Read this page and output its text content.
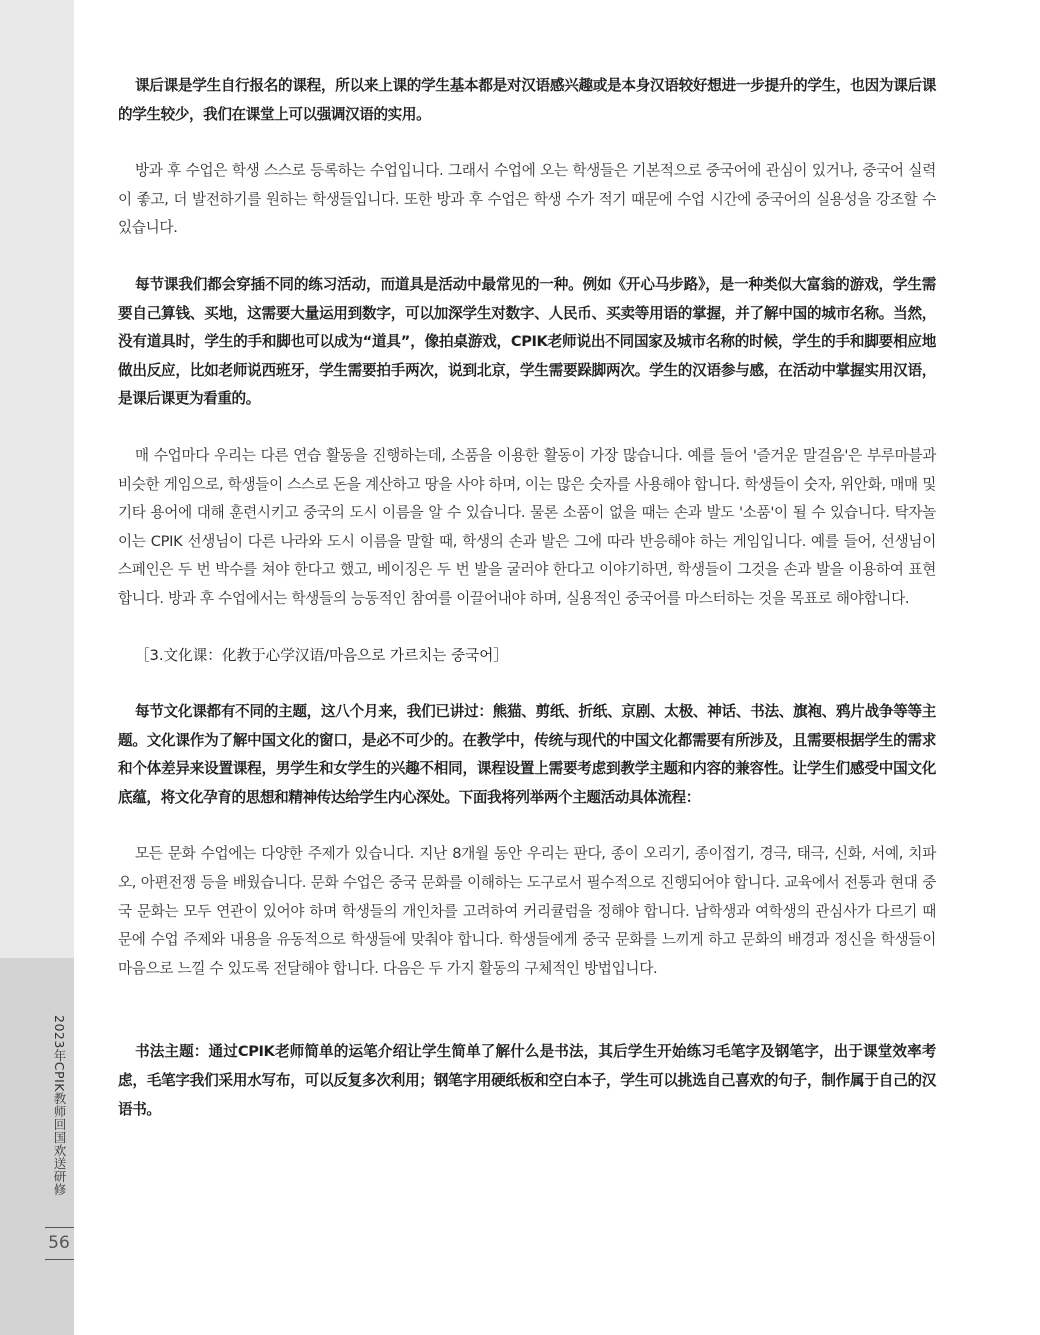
2023年CPIK教师回国欢送研修
56

课后课是学生自行报名的课程，所以来上课的学生基本都是对汉语感兴趣或是本身汉语较好想进一步提升的学生，也因为课后课的学生较少，我们在课堂上可以强调汉语的实用。

방과 후 수업은 학생 스스로 등록하는 수업입니다. 그래서 수업에 오는 학생들은 기본적으로 중국어에 관심이 있거나, 중국어 실력이 좋고, 더 발전하기를 원하는 학생들입니다. 또한 방과 후 수업은 학생 수가 적기 때문에 수업 시간에 중국어의 실용성을 강조할 수 있습니다.

每节课我们都会穿插不同的练习活动，而道具是活动中最常见的一种。例如《开心马步路》，是一种类似大富翁的游戏，学生需要自己算钱、买地，这需要大量运用到数字，可以加深学生对数字、人民币、买卖等用语的掌握，并了解中国的城市名称。当然，没有道具时，学生的手和脚也可以成为“道具”，像拍桌游戏，CPIK老师说出不同国家及城市名称的时候，学生的手和脚要相应地做出反应，比如老师说西班牙，学生需要拍手两次，说到北京，学生需要跺脚两次。学生的汉语参与感，在活动中掌握实用汉语，是课后课更为看重的。

매 수업마다 우리는 다른 연습 활동을 진행하는데, 소품을 이용한 활동이 가장 많습니다. 예를 들어 '즐거운 말걸음'은 부루마블과 비슷한 게임으로, 학생들이 스스로 돈을 계산하고 땅을 사야 하며, 이는 많은 숫자를 사용해야 합니다. 학생들이 숫자, 위안화, 매매 및 기타 용어에 대해 훈련시키고 중국의 도시 이름을 알 수 있습니다. 물론 소품이 없을 때는 손과 발도 '소품'이 될 수 있습니다. 탁자놀이는 CPIK 선생님이 다른 나라와 도시 이름을 말할 때, 학생의 손과 발은 그에 따라 반응해야 하는 게임입니다. 예를 들어, 선생님이 스페인은 두 번 박수를 쳐야 한다고 했고, 베이징은 두 번 발을 굴러야 한다고 이야기하면, 학생들이 그것을 손과 발을 이용하여 표현합니다. 방과 후 수업에서는 학생들의 능동적인 참여를 이끌어내야 하며, 실용적인 중국어를 마스터하는 것을 목표로 해야합니다.

［3.文化课：化教于心学汉语/마음으로 가르치는 중국어］

每节文化课都有不同的主题，这八个月来，我们已讲过：熊猫、剪纸、折纸、京剧、太极、神话、书法、旗袍、鸦片战争等等主题。文化课作为了解中国文化的窗口，是必不可少的。在教学中，传统与现代的中国文化都需要有所涉及，且需要根据学生的需求和个体差异来设置课程，男学生和女学生的兴趣不相同，课程设置上需要考虑到教学主题和内容的兼容性。让学生们感受中国文化底蕴，将文化孕育的思想和精神传达给学生内心深处。下面我将列举两个主题活动具体流程：

모든 문화 수업에는 다양한 주제가 있습니다. 지난 8개월 동안 우리는 판다, 종이 오리기, 종이접기, 경극, 태극, 신화, 서예, 치파오, 아편전쟁 등을 배웠습니다. 문화 수업은 중국 문화를 이해하는 도구로서 필수적으로 진행되어야 합니다. 교육에서 전통과 현대 중국 문화는 모두 연관이 있어야 하며 학생들의 개인차를 고려하여 커리큘럼을 정해야 합니다. 남학생과 여학생의 관심사가 다르기 때문에 수업 주제와 내용을 유동적으로 학생들에 맞춰야 합니다. 학생들에게 중국 문화를 느끼게 하고 문화의 배경과 정신을 학생들이 마음으로 느낄 수 있도록 전달해야 합니다. 다음은 두 가지 활동의 구체적인 방법입니다.

书法主题：通过CPIK老师简单的运笔介绍让学生简单了解什么是书法，其后学生开始练习毛笔字及钢笔字，出于课堂效率考虑，毛笔字我们采用水写布，可以反复多次利用；钢笔字用硬纸板和空白本子，学生可以挑选自己喜欢的句子，制作属于自己的汉语书。
